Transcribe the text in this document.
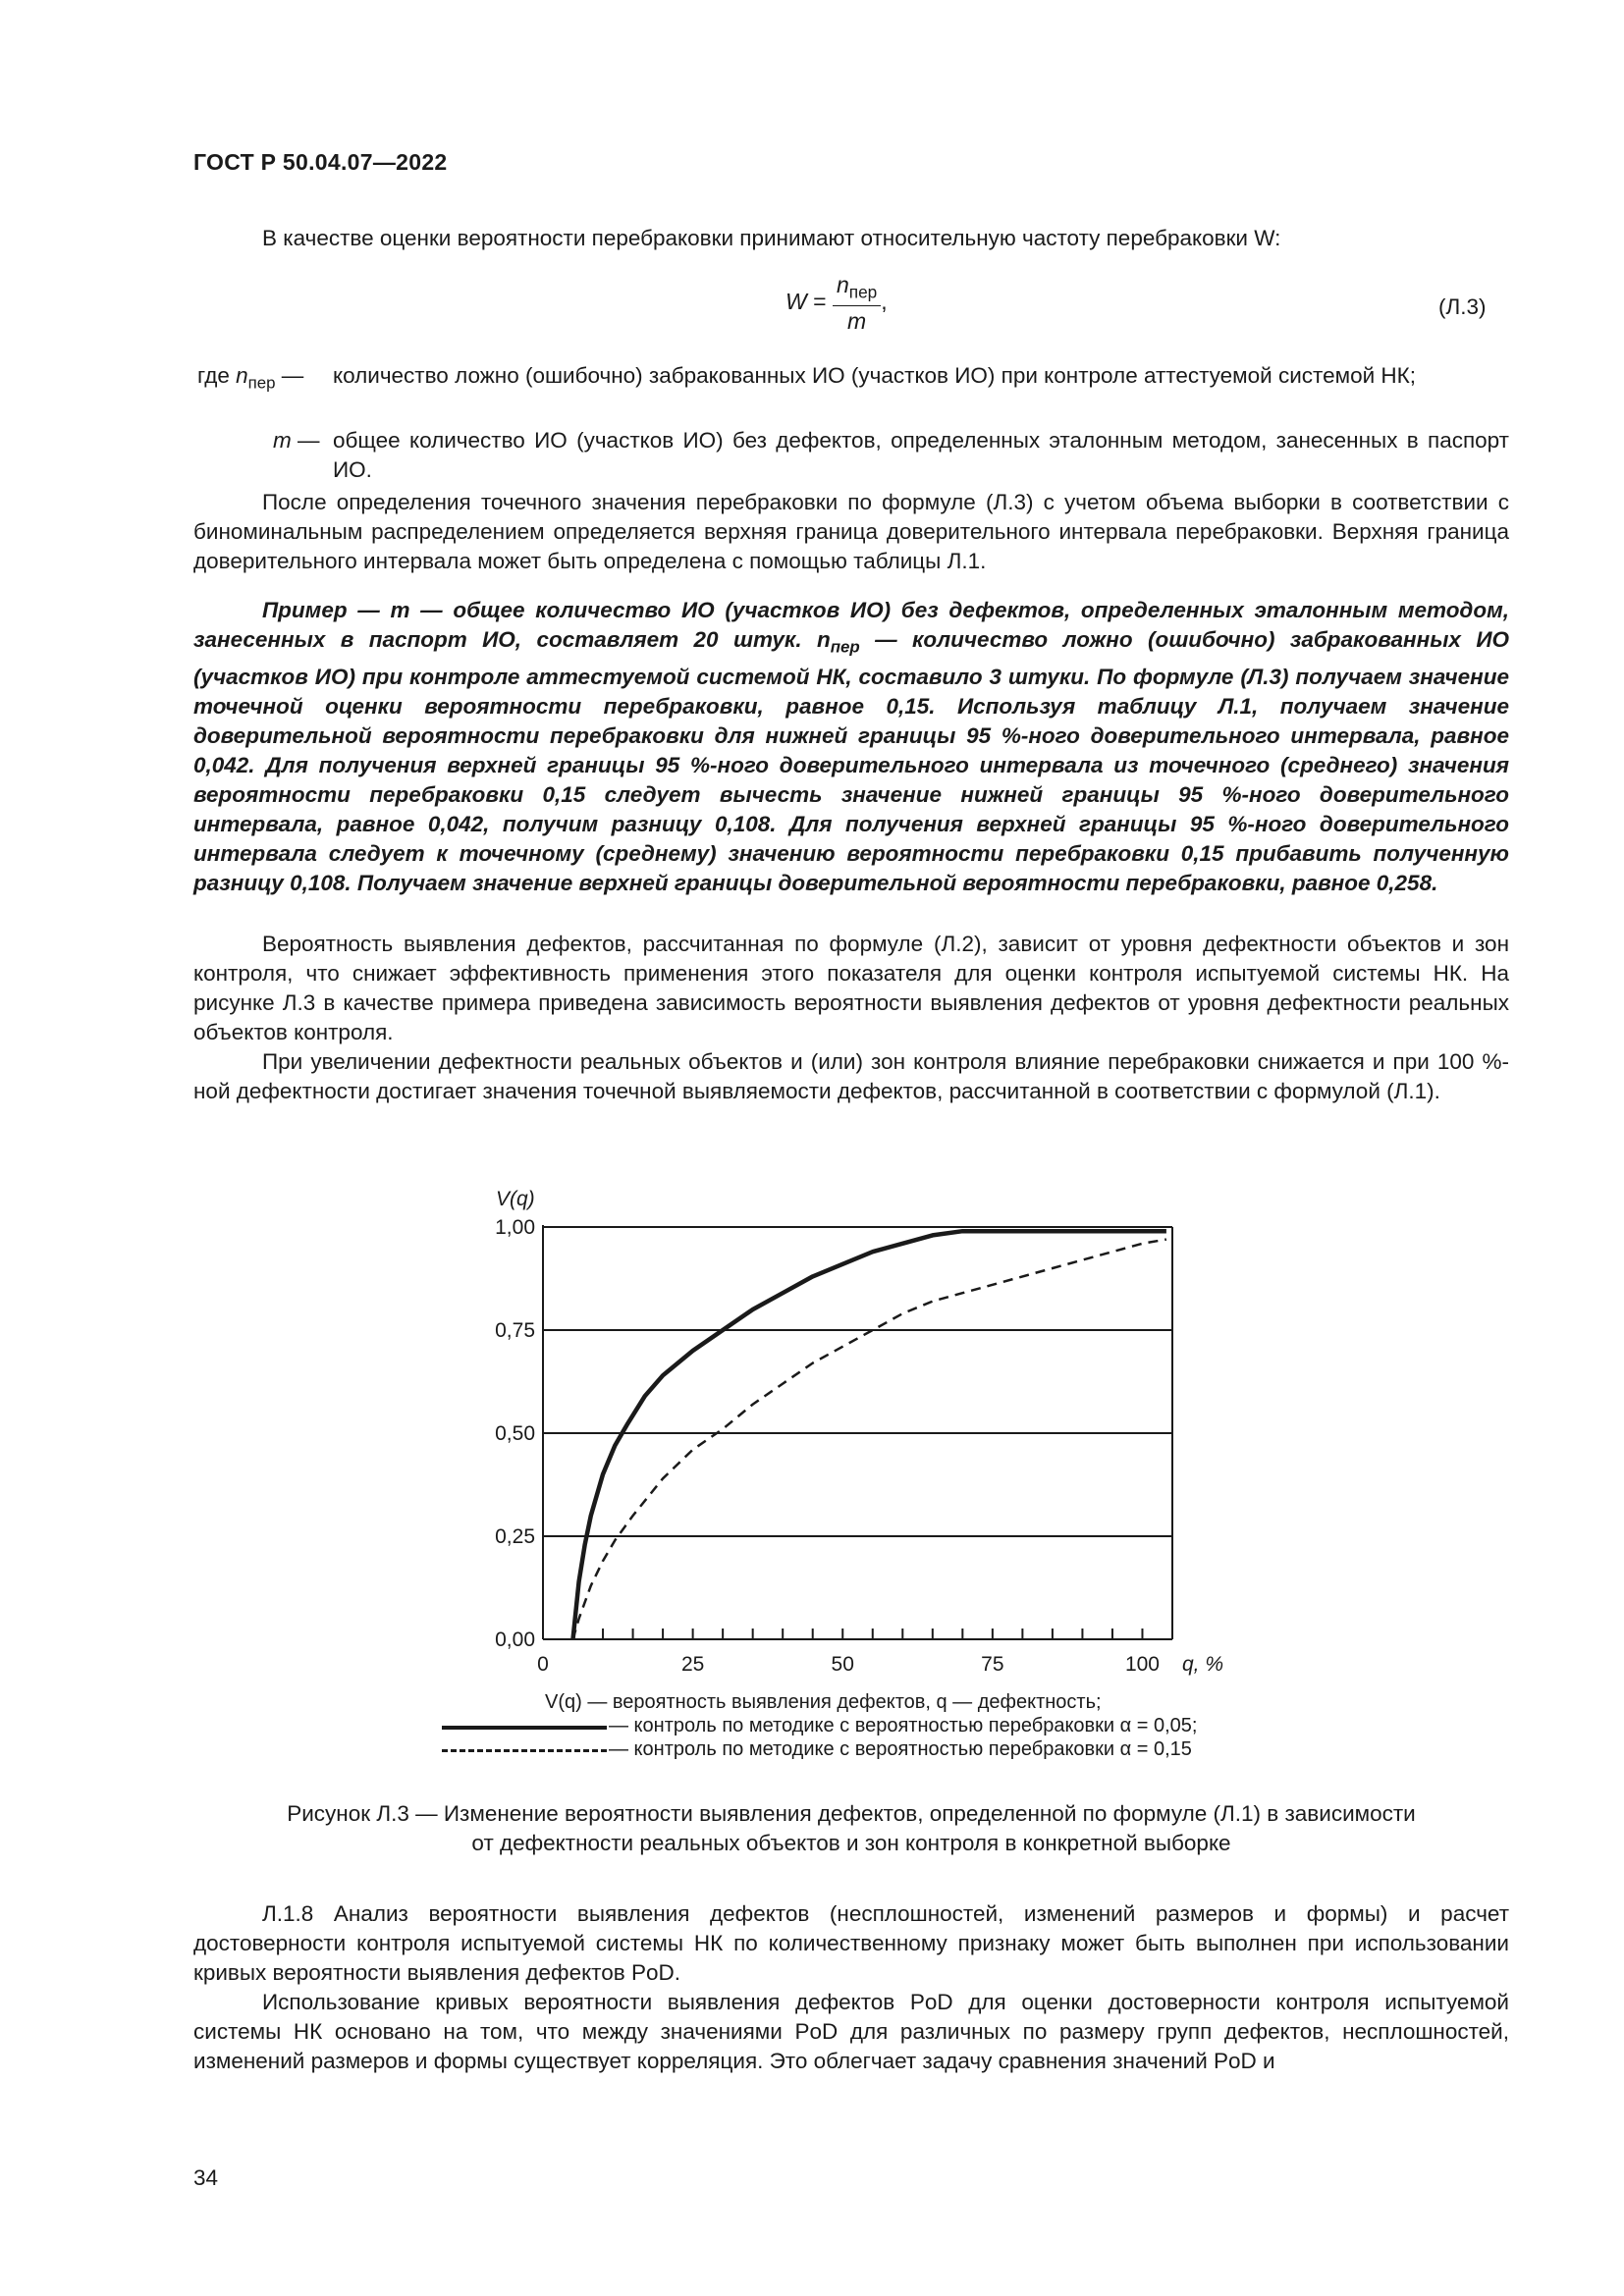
ГОСТ Р 50.04.07—2022

В качестве оценки вероятности перебраковки принимают относительную частоту перебраковки W:

$W = \frac{n_{пер}}{m}$ ,	(Л.3)
где $n_{пер}$ — количество ложно (ошибочно) забракованных ИО (участков ИО) при контроле аттестуемой системой НК;
m — общее количество ИО (участков ИО) без дефектов, определенных эталонным методом, занесенных в паспорт ИО.

После определения точечного значения перебраковки по формуле (Л.3) с учетом объема выборки в соответствии с биноминальным распределением определяется верхняя граница доверительного интервала перебраковки. Верхняя граница доверительного интервала может быть определена с помощью таблицы Л.1.

Пример — m — общее количество ИО (участков ИО) без дефектов, определенных эталонным методом, занесенных в паспорт ИО, составляет 20 штук. $n_{пер}$ — количество ложно (ошибочно) забракованных ИО (участков ИО) при контроле аттестуемой системой НК, составило 3 штуки. По формуле (Л.3) получаем значение точечной оценки вероятности перебраковки, равное 0,15. Используя таблицу Л.1, получаем значение доверительной вероятности перебраковки для нижней границы 95 %-ного доверительного интервала, равное 0,042. Для получения верхней границы 95 %-ного доверительного интервала из точечного (среднего) значения вероятности перебраковки 0,15 следует вычесть значение нижней границы 95 %-ного доверительного интервала, равное 0,042, получим разницу 0,108. Для получения верхней границы 95 %-ного доверительного интервала следует к точечному (среднему) значению вероятности перебраковки 0,15 прибавить полученную разницу 0,108. Получаем значение верхней границы доверительной вероятности перебраковки, равное 0,258.

Вероятность выявления дефектов, рассчитанная по формуле (Л.2), зависит от уровня дефектности объектов и зон контроля, что снижает эффективность применения этого показателя для оценки контроля испытуемой системы НК. На рисунке Л.3 в качестве примера приведена зависимость вероятности выявления дефектов от уровня дефектности реальных объектов контроля.

При увеличении дефектности реальных объектов и (или) зон контроля влияние перебраковки снижается и при 100 %-ной дефектности достигает значения точечной выявляемости дефектов, рассчитанной в соответствии с формулой (Л.1).

0,00
0,25
0,50
0,75
1,00
0	25	50	75	100
V(q)
q, %
V(q) — вероятность выявления дефектов, q — дефектность;
— контроль по методике с вероятностью перебраковки α = 0,05;
— контроль по методике с вероятностью перебраковки α = 0,15
Рисунок Л.3 — Изменение вероятности выявления дефектов, определенной по формуле (Л.1) в зависимости
от дефектности реальных объектов и зон контроля в конкретной выборке

Л.1.8 Анализ вероятности выявления дефектов (несплошностей, изменений размеров и формы) и расчет достоверности контроля испытуемой системы НК по количественному признаку может быть выполнен при использовании кривых вероятности выявления дефектов PoD.

Использование кривых вероятности выявления дефектов PoD для оценки достоверности контроля испытуемой системы НК основано на том, что между значениями PoD для различных по размеру групп дефектов, несплошностей, изменений размеров и формы существует корреляция. Это облегчает задачу сравнения значений PoD и

34
